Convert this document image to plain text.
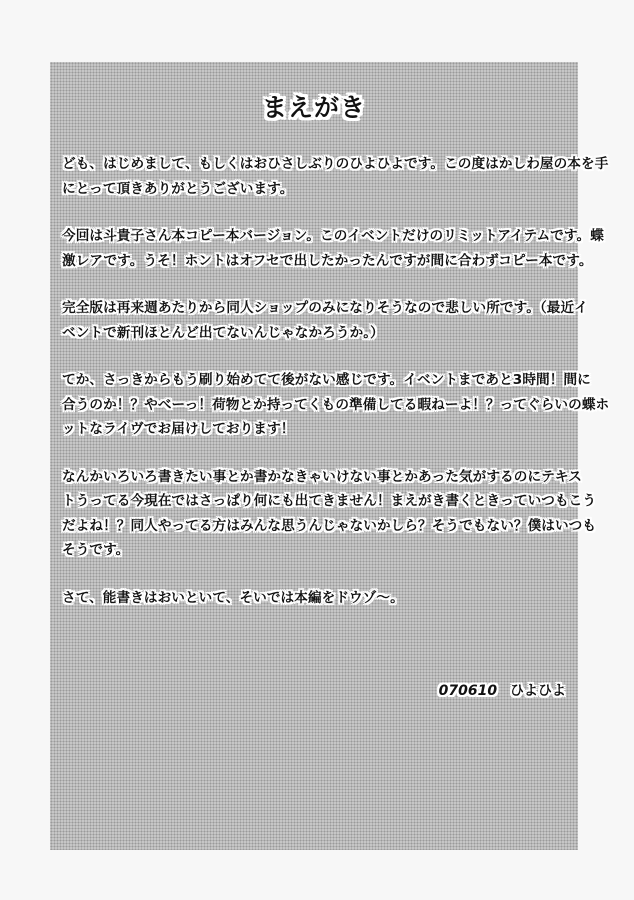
まえがき

ども、はじめまして、もしくはおひさしぶりのひよひよです。この度はかしわ屋の本を手
にとって頂きありがとうございます。

今回は斗貴子さん本コピー本バージョン。このイベントだけのリミットアイテムです。蝶
激レアです。うそ！ホントはオフセで出したかったんですが間に合わずコピー本です。

完全版は再来週あたりから同人ショップのみになりそうなので悲しい所です。（最近イ
ベントで新刊ほとんど出てないんじゃなかろうか。）

てか、さっきからもう刷り始めてて後がない感じです。イベントまであと3時間！間に
合うのか！？やべーっ！荷物とか持ってくもの準備してる暇ねーよ！？ってぐらいの蝶ホ
ットなライヴでお届けしております！

なんかいろいろ書きたい事とか書かなきゃいけない事とかあった気がするのにテキス
トうってる今現在ではさっぱり何にも出てきません！まえがき書くときっていつもこう
だよね！？同人やってる方はみんな思うんじゃないかしら？そうでもない？僕はいつも
そうです。

さて、能書きはおいといて、そいでは本編をドウゾ～。

070610 ひよひよ
